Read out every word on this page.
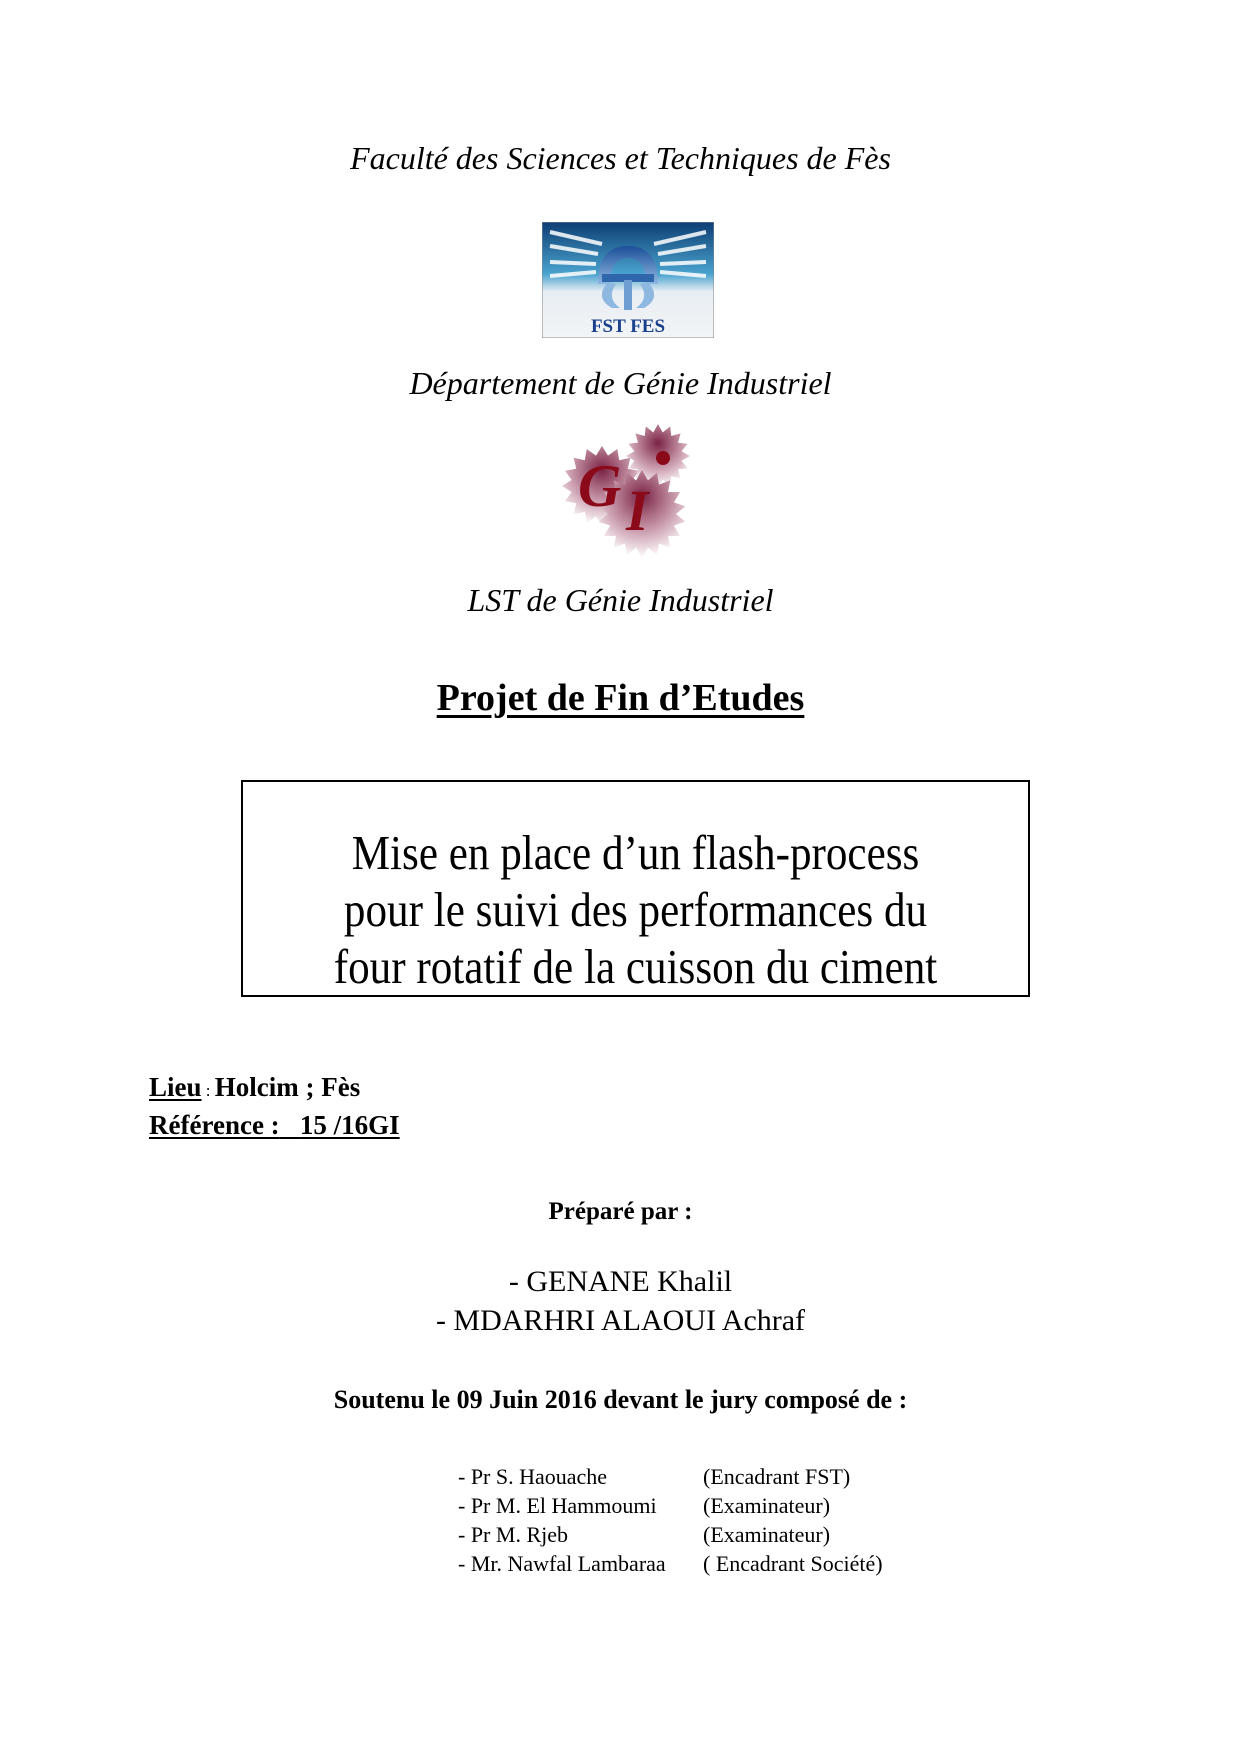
Faculté des Sciences et Techniques de Fès
FST FES
Département de Génie Industriel
G I
LST de Génie Industriel
Projet de Fin d’Etudes
Mise en place d’un flash-process
pour le suivi des performances du
four rotatif de la cuisson du ciment
Lieu : Holcim ; Fès
Référence : 15 /16GI
Préparé par :
- GENANE Khalil
- MDARHRI ALAOUI Achraf
Soutenu le 09 Juin 2016 devant le jury composé de :
- Pr S. Haouache	(Encadrant FST)
- Pr M. El Hammoumi	(Examinateur)
- Pr M. Rjeb	(Examinateur)
- Mr. Nawfal Lambaraa	( Encadrant Société)
